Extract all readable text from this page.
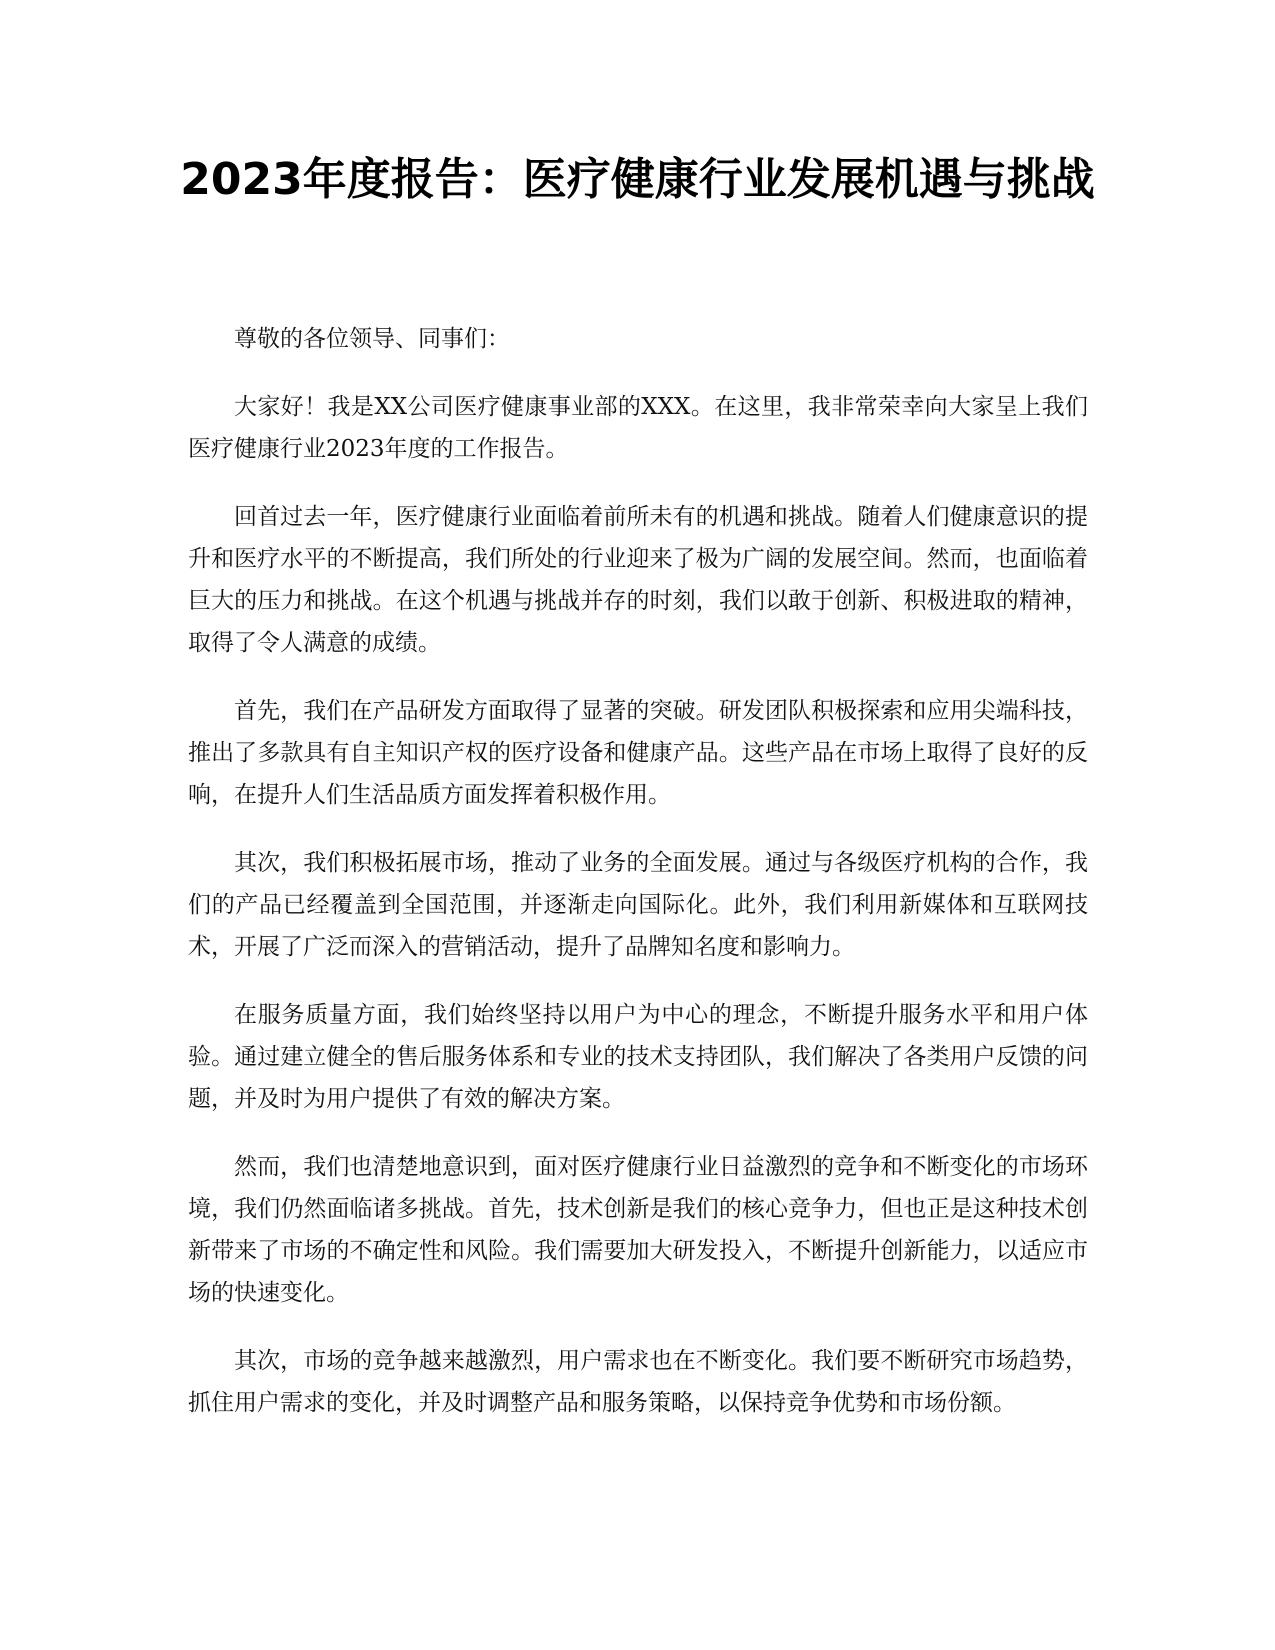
2023年度报告：医疗健康行业发展机遇与挑战

尊敬的各位领导、同事们：

大家好！我是XX公司医疗健康事业部的XXX。在这里，我非常荣幸向大家呈上我们医疗健康行业2023年度的工作报告。

回首过去一年，医疗健康行业面临着前所未有的机遇和挑战。随着人们健康意识的提升和医疗水平的不断提高，我们所处的行业迎来了极为广阔的发展空间。然而，也面临着巨大的压力和挑战。在这个机遇与挑战并存的时刻，我们以敢于创新、积极进取的精神，取得了令人满意的成绩。

首先，我们在产品研发方面取得了显著的突破。研发团队积极探索和应用尖端科技，推出了多款具有自主知识产权的医疗设备和健康产品。这些产品在市场上取得了良好的反响，在提升人们生活品质方面发挥着积极作用。

其次，我们积极拓展市场，推动了业务的全面发展。通过与各级医疗机构的合作，我们的产品已经覆盖到全国范围，并逐渐走向国际化。此外，我们利用新媒体和互联网技术，开展了广泛而深入的营销活动，提升了品牌知名度和影响力。

在服务质量方面，我们始终坚持以用户为中心的理念，不断提升服务水平和用户体验。通过建立健全的售后服务体系和专业的技术支持团队，我们解决了各类用户反馈的问题，并及时为用户提供了有效的解决方案。

然而，我们也清楚地意识到，面对医疗健康行业日益激烈的竞争和不断变化的市场环境，我们仍然面临诸多挑战。首先，技术创新是我们的核心竞争力，但也正是这种技术创新带来了市场的不确定性和风险。我们需要加大研发投入，不断提升创新能力，以适应市场的快速变化。

其次，市场的竞争越来越激烈，用户需求也在不断变化。我们要不断研究市场趋势，抓住用户需求的变化，并及时调整产品和服务策略，以保持竞争优势和市场份额。
